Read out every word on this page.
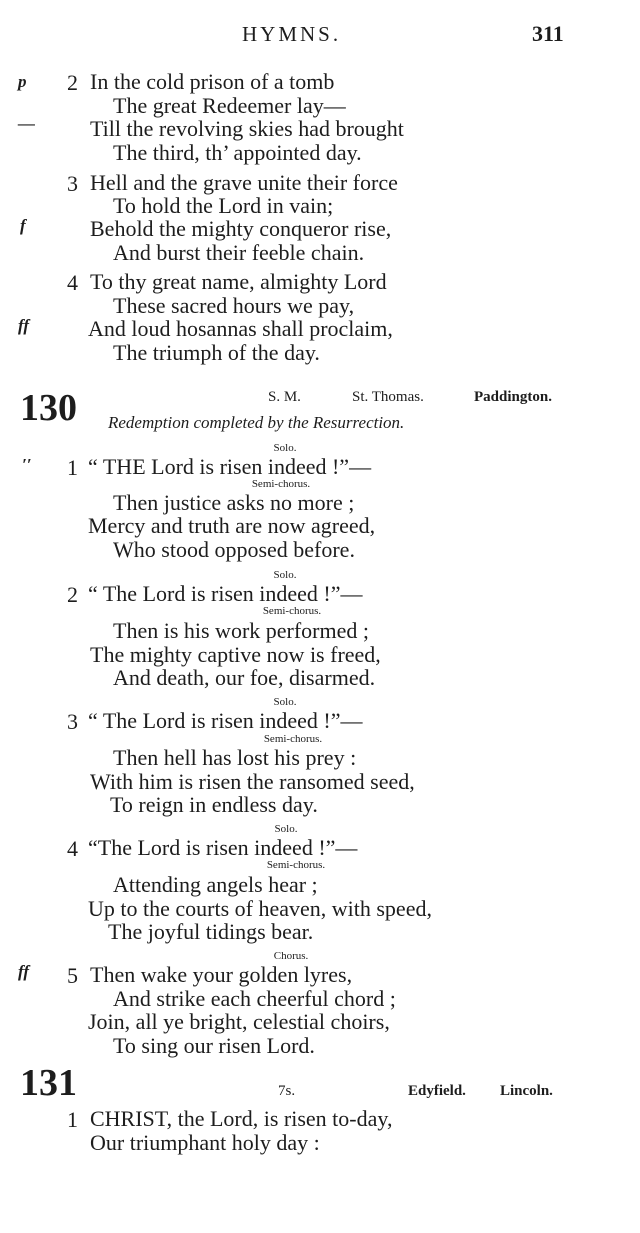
HYMNS.	311
p	2 In the cold prison of a tomb
The great Redeemer lay—
—	Till the revolving skies had brought
The third, th’ appointed day.
3 Hell and the grave unite their force
To hold the Lord in vain;
f	Behold the mighty conqueror rise,
And burst their feeble chain.
4 To thy great name, almighty Lord
These sacred hours we pay,
ff	And loud hosannas shall proclaim,
The triumph of the day.
130	S. M.	St. Thomas.	Paddington.
Redemption completed by the Resurrection.
Solo.
′′	1 “ THE Lord is risen indeed !”—
Semi-chorus.
Then justice asks no more ;
Mercy and truth are now agreed,
Who stood opposed before.
Solo.
2 “ The Lord is risen indeed !”—
Semi-chorus.
Then is his work performed ;
The mighty captive now is freed,
And death, our foe, disarmed.
Solo.
3 “ The Lord is risen indeed !”—
Semi-chorus.
Then hell has lost his prey :
With him is risen the ransomed seed,
To reign in endless day.
Solo.
4 “The Lord is risen indeed !”—
Semi-chorus.
Attending angels hear ;
Up to the courts of heaven, with speed,
The joyful tidings bear.
Chorus.
ff	5 Then wake your golden lyres,
And strike each cheerful chord ;
Join, all ye bright, celestial choirs,
To sing our risen Lord.
131	7s.	Edyfield. Lincoln.
1 CHRIST, the Lord, is risen to-day,
Our triumphant holy day :
